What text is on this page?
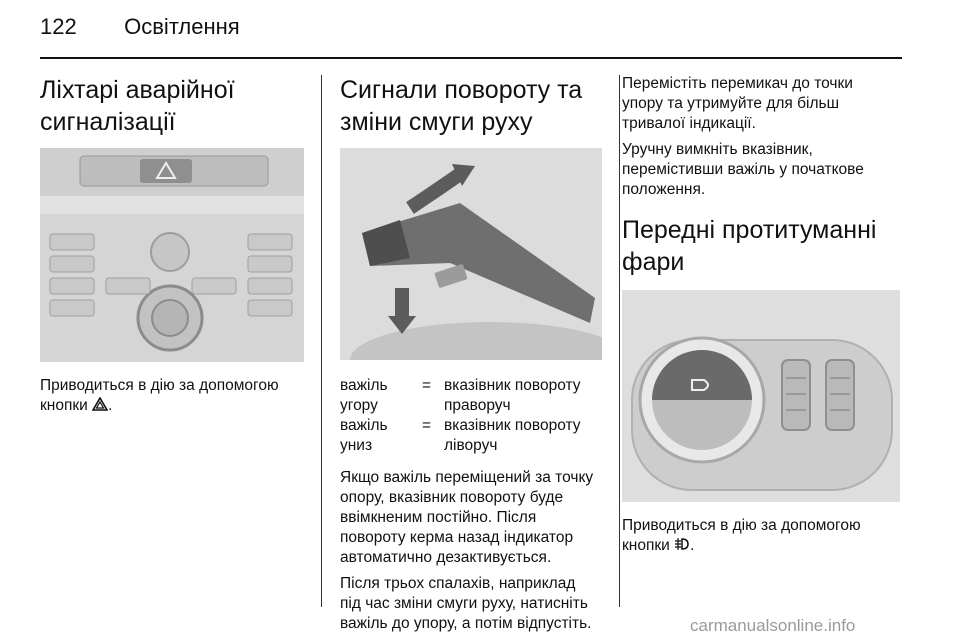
122 Освітлення
Ліхтарі аварійної
сигналізації

Приводиться в дію за допомогою
кнопки .

Сигнали повороту та
зміни смуги руху
важіль угору
= вказівник повороту праворуч
важіль униз
= вказівник повороту ліворуч

Якщо важіль переміщений за точку
опору, вказівник повороту буде
ввімкненим постійно. Після
повороту керма назад індикатор
автоматично дезактивується.

Після трьох спалахів, наприклад
під час зміни смуги руху, натисніть
важіль до упору, а потім відпустіть.

Перемістіть перемикач до точки
упору та утримуйте для більш
тривалої індикації.

Уручну вимкніть вказівник,
перемістивши важіль у початкове
положення.

Передні протитуманні
фари

Приводиться в дію за допомогою
кнопки .

carmanualsonline.info
